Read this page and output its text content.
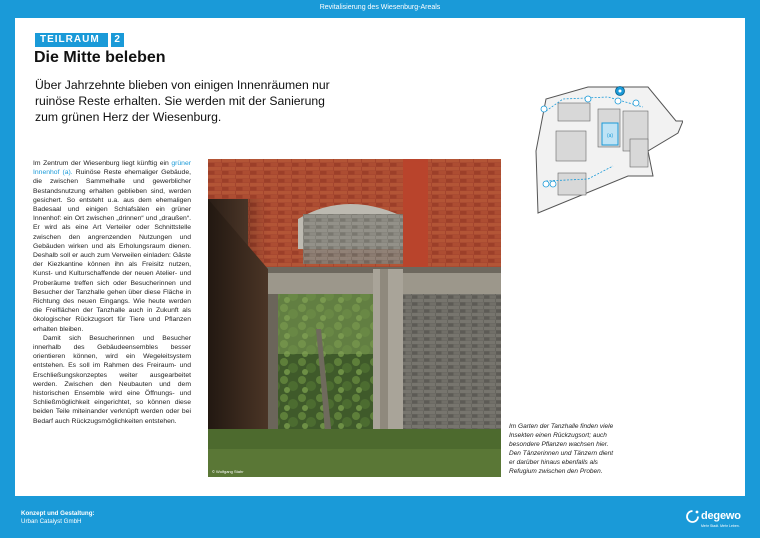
Revitalisierung des Wiesenburg-Areals
TEILRAUM	2
Die Mitte beleben
Über Jahrzehnte blieben von einigen Innenräumen nur ruinöse Reste erhalten. Sie werden mit der Sanierung zum grünen Herz der Wiesenburg.

Im Zentrum der Wiesenburg liegt künftig ein grüner Innenhof (a). Ruinöse Reste ehemaliger Gebäude, die zwischen Sammelhalle und gewerblicher Bestandsnutzung erhalten geblieben sind, werden gesichert. So entsteht u.a. aus dem ehemaligen Badesaal und einigen Schlafsälen ein grüner Innenhof: ein Ort zwischen „drinnen“ und „draußen“. Er wird als eine Art Verteiler oder Schnittstelle zwischen den angrenzenden Nutzungen und Gebäuden wirken und als Erholungsraum dienen. Deshalb soll er auch zum Verweilen einladen: Gäste der Kiezkantine können ihn als Freisitz nutzen, Kunst- und Kulturschaffende der neuen Atelier- und Proberäume treffen sich oder Besucherinnen und Besucher der Tanzhalle gehen über diese Fläche in Richtung des neuen Eingangs. Wie heute werden die Freiflächen der Tanzhalle auch in Zukunft als ökologischer Rückzugsort für Tiere und Pflanzen erhalten bleiben.

Damit sich Besucherinnen und Besucher innerhalb des Gebäudeensembles besser orientieren können, wird ein Wegeleitsystem entstehen. Es soll im Rahmen des Freiraum- und Erschließungskonzeptes weiter ausgearbeitet werden. Zwischen den Neubauten und dem historischen Ensemble wird eine Öffnungs- und Schließmöglichkeit eingerichtet, so können diese beiden Teile miteinander verknüpft werden oder bei Bedarf auch Rückzugsmöglichkeiten entstehen.

© Wolfgang Stahr
Im Garten der Tanzhalle finden viele Insekten einen Rückzugsort; auch besondere Pflanzen wachsen hier. Den Tänzerinnen und Tänzern dient er darüber hinaus ebenfalls als Refugium zwischen den Proben.
(a)
Konzept und Gestaltung:
Urban Catalyst GmbH	degewo
Mehr Stadt. Mehr Leben.
